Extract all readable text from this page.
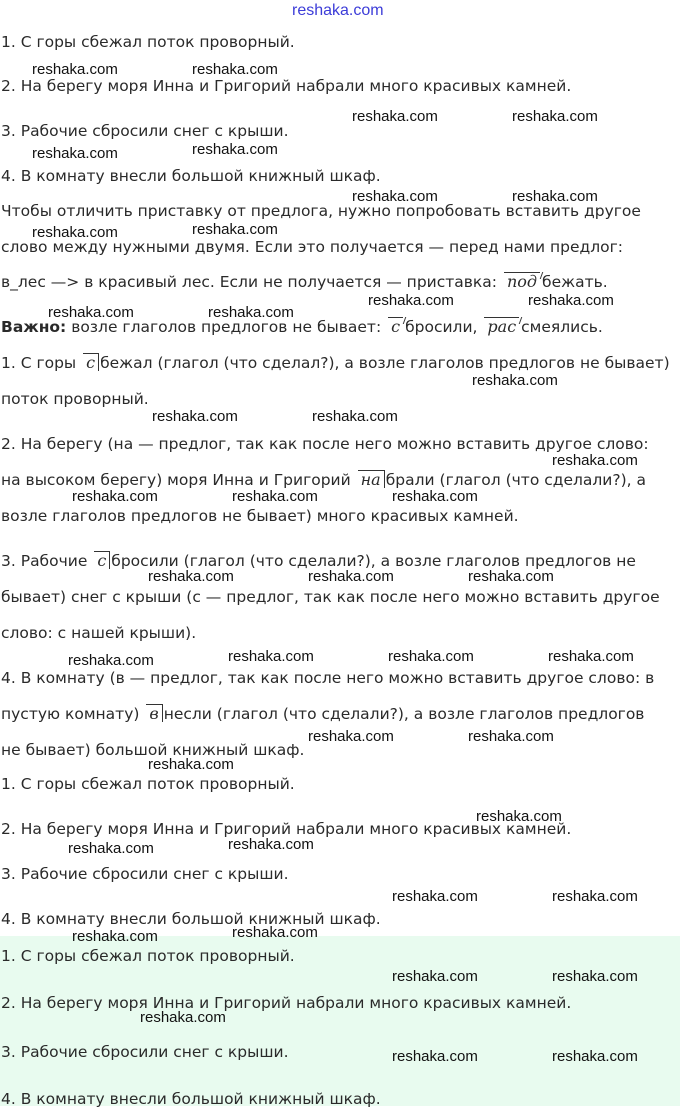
reshaka.com
1. С горы сбежал поток проворный.
2. На берегу моря Инна и Григорий набрали много красивых камней.
3. Рабочие сбросили снег с крыши.
4. В комнату внесли большой книжный шкаф.
Чтобы отличить приставку от предлога, нужно попробовать вставить другое
слово между нужными двумя. Если это получается — перед нами предлог:
в_лес —> в красивый лес. Если не получается — приставка: под бежать.
Важно: возле глаголов предлогов не бывает: с бросили, рас смеялись.
1. С горы с бежал (глагол (что сделал?), а возле глаголов предлогов не бывает)
поток проворный.
2. На берегу (на — предлог, так как после него можно вставить другое слово:
на высоком берегу) моря Инна и Григорий на брали (глагол (что сделали?), а
возле глаголов предлогов не бывает) много красивых камней.
3. Рабочие с бросили (глагол (что сделали?), а возле глаголов предлогов не
бывает) снег с крыши (с — предлог, так как после него можно вставить другое
слово: с нашей крыши).
4. В комнату (в — предлог, так как после него можно вставить другое слово: в
пустую комнату) в несли (глагол (что сделали?), а возле глаголов предлогов
не бывает) большой книжный шкаф.
1. С горы сбежал поток проворный.
2. На берегу моря Инна и Григорий набрали много красивых камней.
3. Рабочие сбросили снег с крыши.
4. В комнату внесли большой книжный шкаф.
1. С горы сбежал поток проворный.
2. На берегу моря Инна и Григорий набрали много красивых камней.
3. Рабочие сбросили снег с крыши.
4. В комнату внесли большой книжный шкаф.
reshaka.com	reshaka.com
reshaka.com	reshaka.com
reshaka.com	reshaka.com
reshaka.com	reshaka.com
reshaka.com	reshaka.com
reshaka.com	reshaka.com
reshaka.com	reshaka.com
reshaka.com
reshaka.com	reshaka.com
reshaka.com
reshaka.com	reshaka.com	reshaka.com
reshaka.com	reshaka.com	reshaka.com
reshaka.com	reshaka.com	reshaka.com	reshaka.com
reshaka.com	reshaka.com
reshaka.com
reshaka.com
reshaka.com	reshaka.com
reshaka.com	reshaka.com
reshaka.com	reshaka.com
reshaka.com	reshaka.com
reshaka.com
reshaka.com	reshaka.com
